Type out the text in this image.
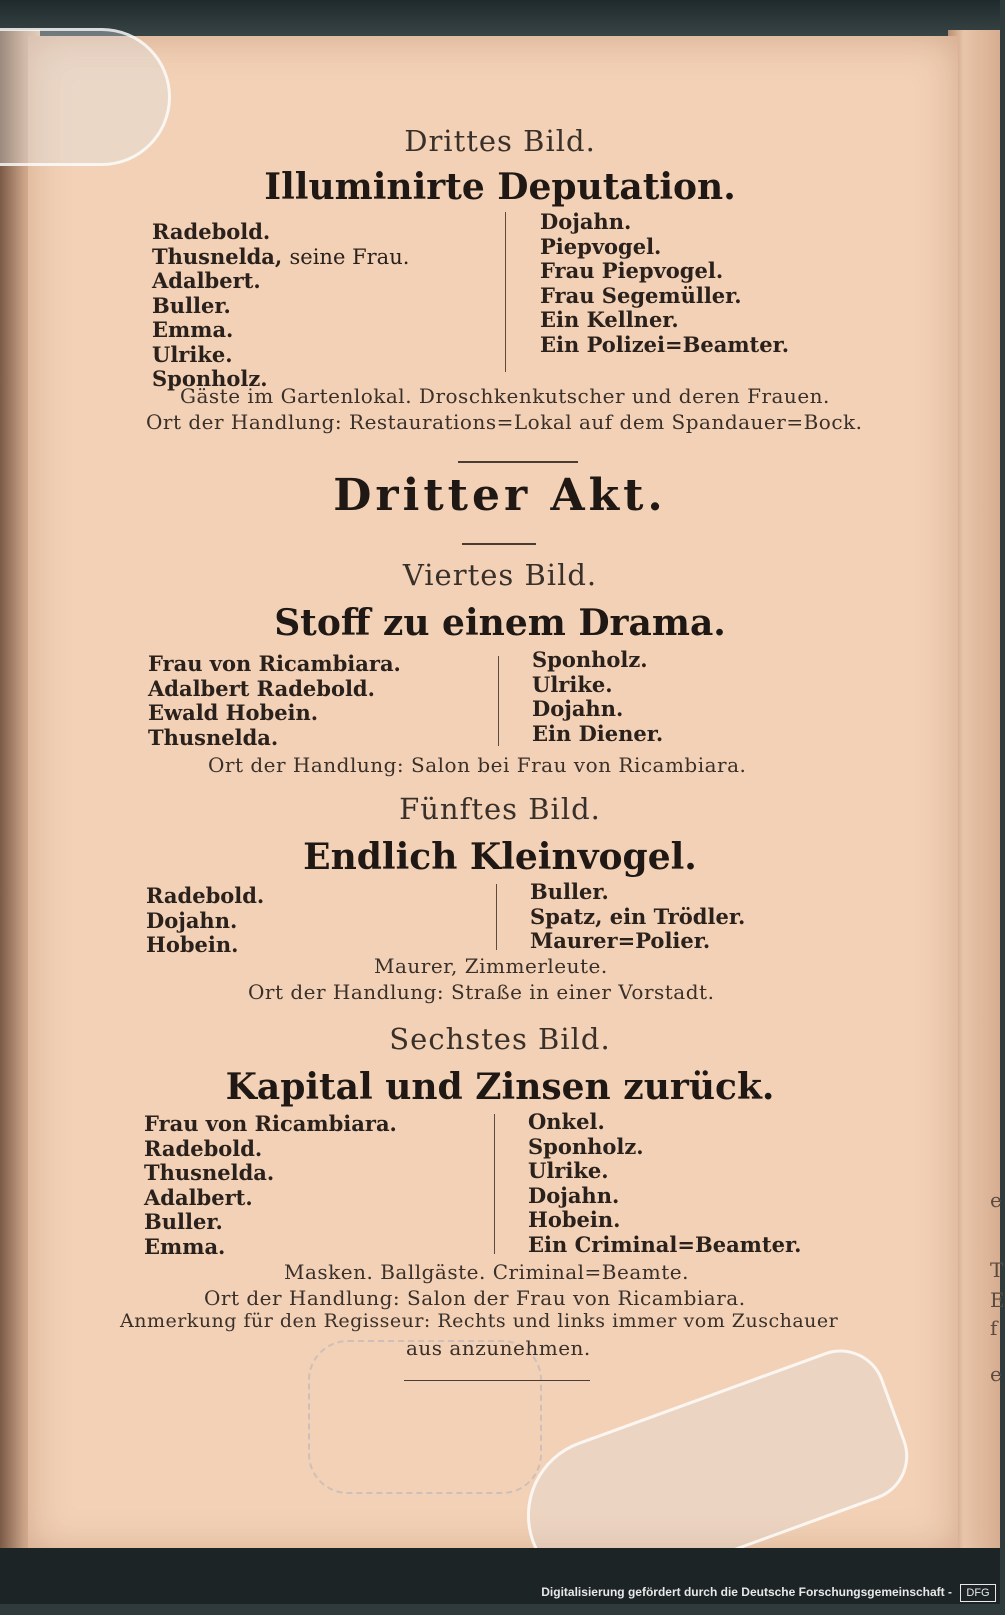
Drittes Bild.
Illuminirte Deputation.
Radebold.
Thusnelda, seine Frau.
Adalbert.
Buller.
Emma.
Ulrike.
Sponholz.
Dojahn.
Piepvogel.
Frau Piepvogel.
Frau Segemüller.
Ein Kellner.
Ein Polizei=Beamter.
Gäste im Gartenlokal. Droschkenkutscher und deren Frauen.
Ort der Handlung: Restaurations=Lokal auf dem Spandauer=Bock.
Dritter Akt.
Viertes Bild.
Stoff zu einem Drama.
Frau von Ricambiara.
Adalbert Radebold.
Ewald Hobein.
Thusnelda.
Sponholz.
Ulrike.
Dojahn.
Ein Diener.
Ort der Handlung: Salon bei Frau von Ricambiara.
Fünftes Bild.
Endlich Kleinvogel.
Radebold.
Dojahn.
Hobein.
Buller.
Spatz, ein Trödler.
Maurer=Polier.
Maurer, Zimmerleute.
Ort der Handlung: Straße in einer Vorstadt.
Sechstes Bild.
Kapital und Zinsen zurück.
Frau von Ricambiara.
Radebold.
Thusnelda.
Adalbert.
Buller.
Emma.
Onkel.
Sponholz.
Ulrike.
Dojahn.
Hobein.
Ein Criminal=Beamter.
Masken. Ballgäste. Criminal=Beamte.
Ort der Handlung: Salon der Frau von Ricambiara.
Anmerkung für den Regisseur: Rechts und links immer vom Zuschauer
aus anzunehmen.
e
T
E
f
e
Digitalisierung gefördert durch die Deutsche Forschungsgemeinschaft -	DFG
